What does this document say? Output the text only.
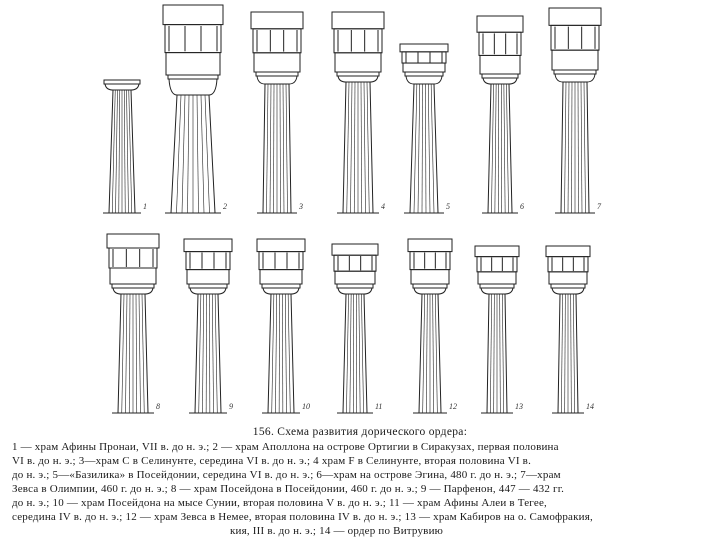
1	2	3	4	5	6	7
8	9	10	11	12	13	14
156. Схема развития дорического ордера:
1 — храм Афины Пронаи, VII в. до н. э.; 2 — храм Аполлона на острове Ортигии в Сиракузах, первая половина
VI в. до н. э.; 3—храм С в Селинунте, середина VI в. до н. э.; 4 храм F в Селинунте, вторая половина VI в.
до н. э.; 5—«Базилика» в Посейдонии, середина VI в. до н. э.; 6—храм на острове Эгина, 480 г. до н. э.; 7—храм
Зевса в Олимпии, 460 г. до н. э.; 8 — храм Посейдона в Посейдонии, 460 г. до н. э.; 9 — Парфенон, 447 — 432 гг.
до н. э.; 10 — храм Посейдона на мысе Сунии, вторая половина V в. до н. э.; 11 — храм Афины Алеи в Тегее,
середина IV в. до н. э.; 12 — храм Зевса в Немее, вторая половина IV в. до н. э.; 13 — храм Кабиров на о. Самофракия,
кия, III в. до н. э.; 14 — ордер по Витрувию
